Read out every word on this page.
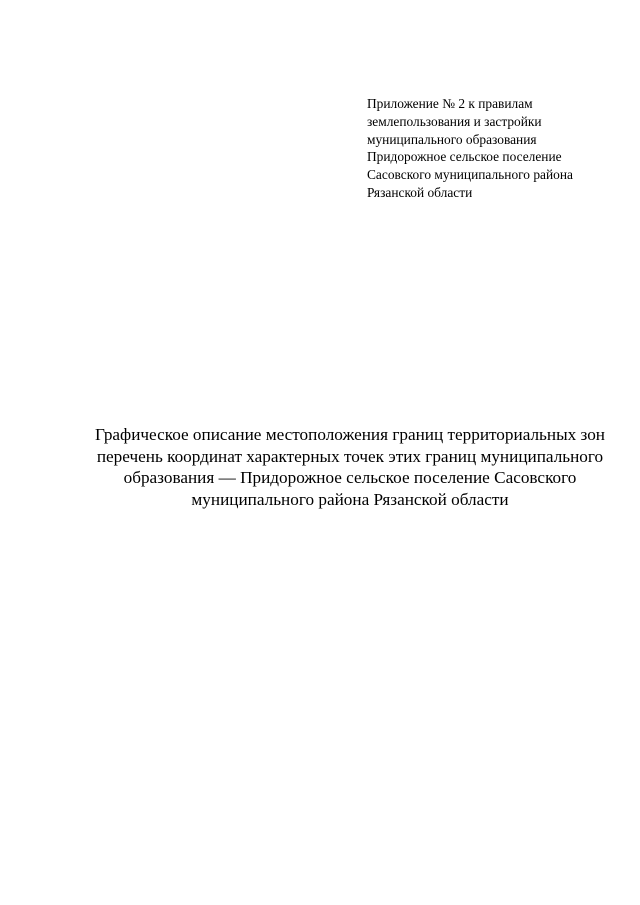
Приложение № 2 к правилам
землепользования и застройки
муниципального образования
Придорожное сельское поселение
Сасовского муниципального района
Рязанской области
Графическое описание местоположения границ территориальных зон
перечень координат характерных точек этих границ муниципального
образования — Придорожное сельское поселение Сасовского
муниципального района Рязанской области
